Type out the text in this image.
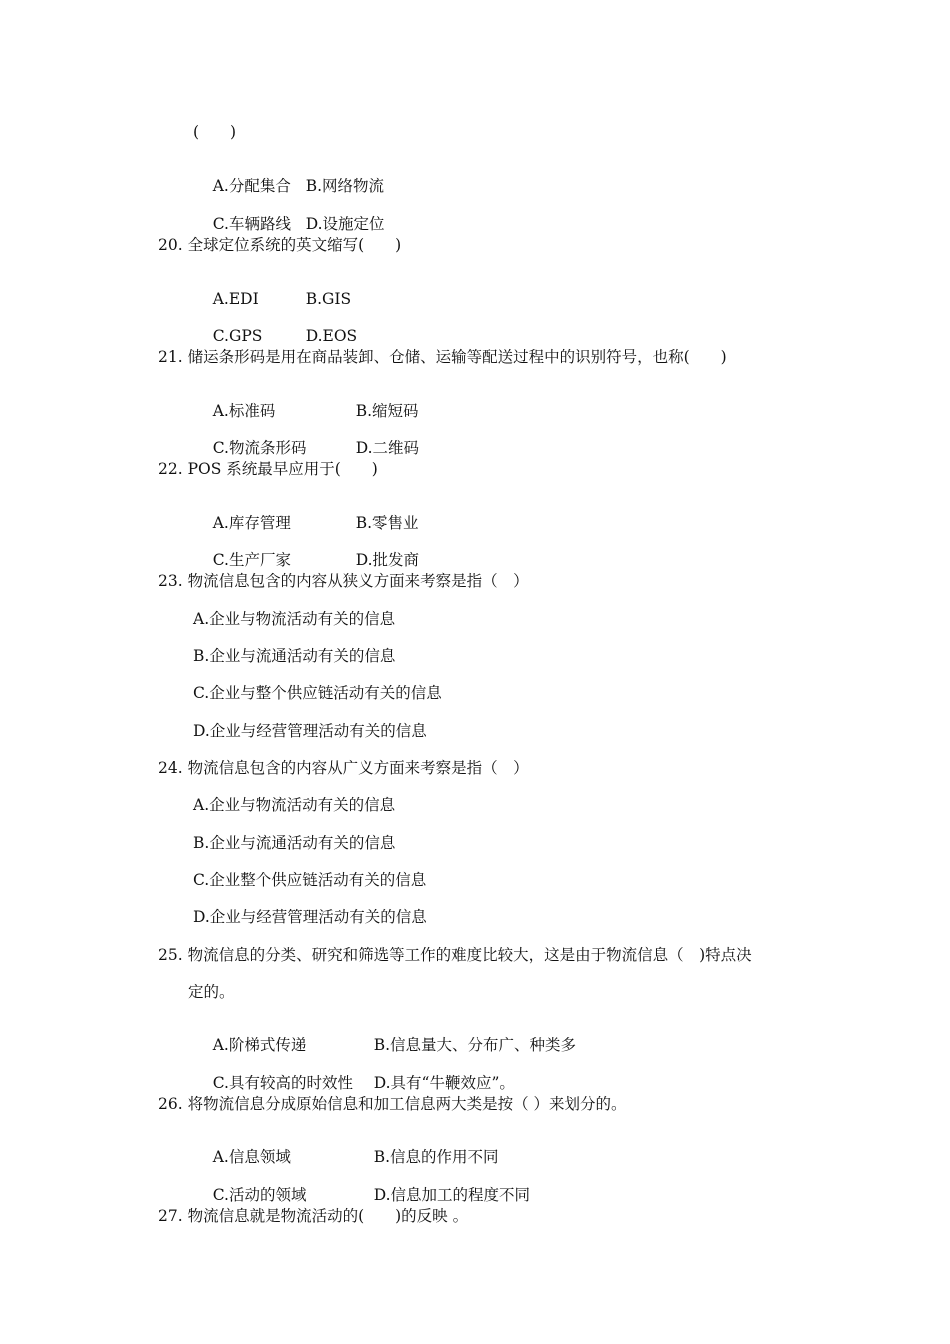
(　　)

A.分配集合 B.网络物流

C.车辆路线 D.设施定位

20. 全球定位系统的英文缩写(　　)

A.EDI	B.GIS

C.GPS	D.EOS

21. 储运条形码是用在商品装卸、仓储、运输等配送过程中的识别符号，也称(　　)

A.标准码	B.缩短码

C.物流条形码	D.二维码

22. POS 系统最早应用于(　　)

A.库存管理	B.零售业

C.生产厂家	D.批发商

23. 物流信息包含的内容从狭义方面来考察是指（　）
A.企业与物流活动有关的信息
B.企业与流通活动有关的信息
C.企业与整个供应链活动有关的信息
D.企业与经营管理活动有关的信息
24. 物流信息包含的内容从广义方面来考察是指（　）
A.企业与物流活动有关的信息
B.企业与流通活动有关的信息
C.企业整个供应链活动有关的信息
D.企业与经营管理活动有关的信息
25. 物流信息的分类、研究和筛选等工作的难度比较大，这是由于物流信息（　)特点决
定的。

A.阶梯式传递	B.信息量大、分布广、种类多

C.具有较高的时效性 D.具有“牛鞭效应”。

26. 将物流信息分成原始信息和加工信息两大类是按（ ）来划分的。

A.信息领域	B.信息的作用不同

C.活动的领域	D.信息加工的程度不同

27. 物流信息就是物流活动的(　　)的反映 。
